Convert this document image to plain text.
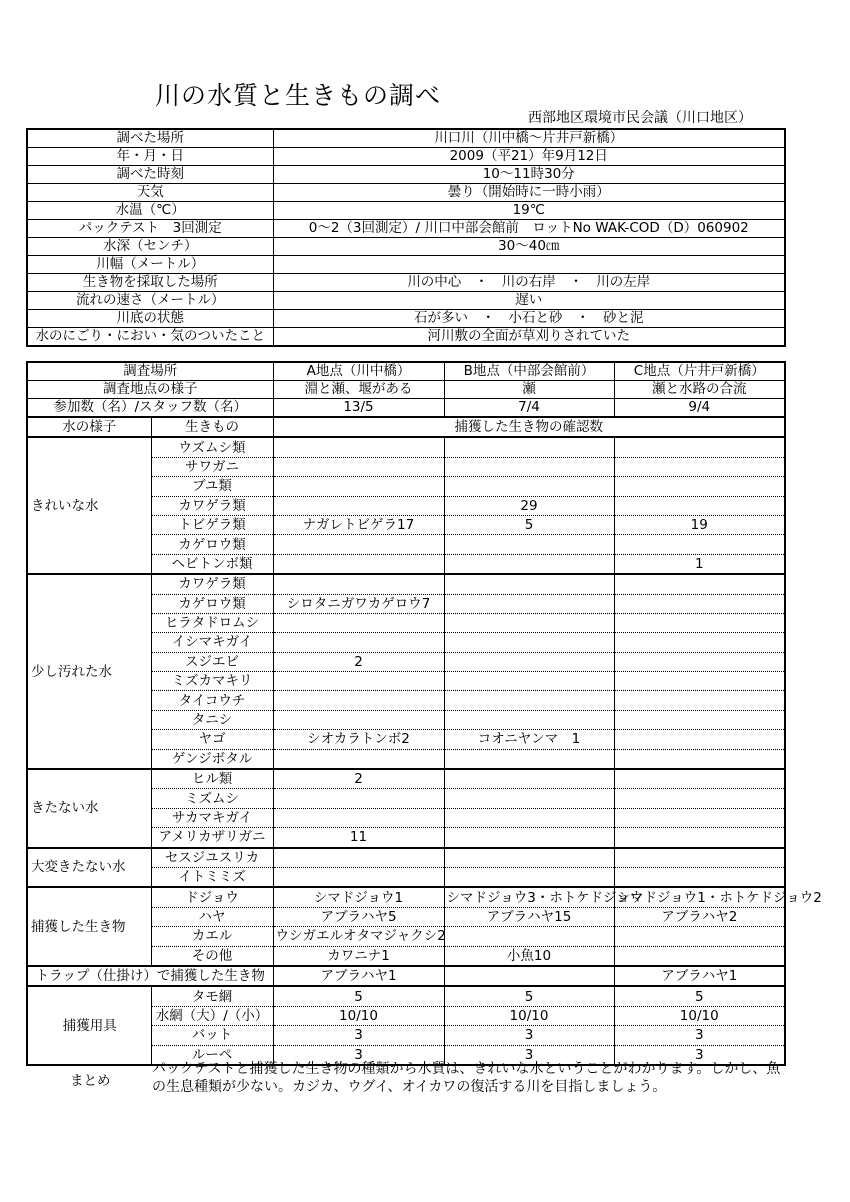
川の水質と生きもの調べ
西部地区環境市民会議（川口地区）
調べた場所	川口川（川中橋～片井戸新橋）
年・月・日	2009（平21）年9月12日
調べた時刻	10～11時30分
天気	曇り（開始時に一時小雨）
水温（℃）	19℃
パックテスト　3回測定	0～2（3回測定）/ 川口中部会館前　ロットNo WAK-COD（D）060902
水深（センチ）	30～40㎝
川幅（メートル）	
生き物を採取した場所	川の中心　・　川の右岸　・　川の左岸
流れの速さ（メートル）	遅い
川底の状態	石が多い　・　小石と砂　・　砂と泥
水のにごり・におい・気のついたこと	河川敷の全面が草刈りされていた
調査場所	A地点（川中橋）	B地点（中部会館前）	C地点（片井戸新橋）
調査地点の様子	淵と瀬、堰がある	瀬	瀬と水路の合流
参加数（名）/スタッフ数（名）	13/5	7/4	9/4
水の様子	生きもの	捕獲した生き物の確認数		
きれいな水	ウズムシ類			
	サワガニ			
	ブユ類			
	カワゲラ類		29	
	トビゲラ類	ナガレトビゲラ17	5	19
	カゲロウ類			
	ヘビトンボ類			1
少し汚れた水	カワゲラ類			
	カゲロウ類	シロタニガワカゲロウ7		
	ヒラタドロムシ			
	イシマキガイ			
	スジエビ	2		
	ミズカマキリ			
	タイコウチ			
	タニシ			
	ヤゴ	シオカラトンボ2	コオニヤンマ　1	
	ゲンジボタル			
きたない水	ヒル類	2		
	ミズムシ			
	サカマキガイ			
	アメリカザリガニ	11		
大変きたない水	セスジユスリカ			
	イトミミズ			
捕獲した生き物	ドジョウ	シマドジョウ1	シマドジョウ3・ホトケドジョウ	シマドジョウ1・ホトケドジョウ2
	ハヤ	アブラハヤ5	アブラハヤ15	アブラハヤ2
	カエル	ウシガエルオタマジャクシ2		
	その他	カワニナ1	小魚10	
トラップ（仕掛け）で捕獲した生き物		アブラハヤ1		アブラハヤ1
捕獲用具	タモ網	5	5	5
	水網（大）/（小）	10/10	10/10	10/10
	バット	3	3	3
	ルーペ	3	3	3
まとめ
パックテストと捕獲した生き物の種類から水質は、きれいな水ということがわかります。しかし、魚の生息種類が少ない。カジカ、ウグイ、オイカワの復活する川を目指しましょう。
